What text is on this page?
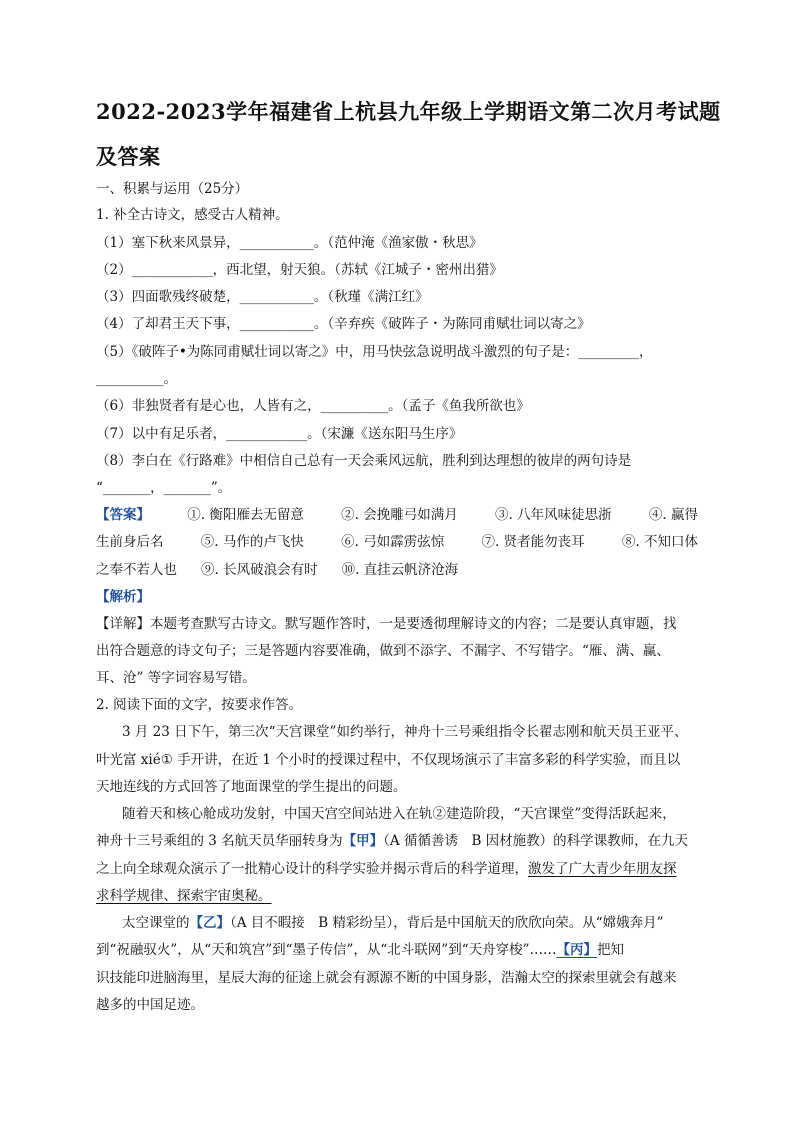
2022-2023学年福建省上杭县九年级上学期语文第二次月考试题
及答案
一、积累与运用（25分）
1. 补全古诗文，感受古人精神。
（1）塞下秋来风景异，___________。（范仲淹《渔家傲・秋思》
（2）____________，西北望，射天狼。（苏轼《江城子・密州出猎》
（3）四面歌残终破楚，___________。（秋瑾《满江红》
（4）了却君王天下事，___________。（辛弃疾《破阵子・为陈同甫赋壮词以寄之》
（5）《破阵子•为陈同甫赋壮词以寄之》中，用马快弦急说明战斗激烈的句子是：_________，
__________。
（6）非独贤者有是心也，人皆有之，__________。（孟子《鱼我所欲也》
（7）以中有足乐者，____________。（宋濂《送东阳马生序》
（8）李白在《行路难》中相信自己总有一天会乘风远航，胜利到达理想的彼岸的两句诗是
“_______，_______”。
【答案】	①. 衡阳雁去无留意	②. 会挽雕弓如满月	③. 八年风味徒思浙	④. 赢得
生前身后名	⑤. 马作的卢飞快	⑥. 弓如霹雳弦惊	⑦. 贤者能勿丧耳	⑧. 不知口体
之奉不若人也 ⑨. 长风破浪会有时 ⑩. 直挂云帆济沧海
【解析】
【详解】本题考查默写古诗文。默写题作答时，一是要透彻理解诗文的内容；二是要认真审题，找
出符合题意的诗文句子；三是答题内容要准确，做到不添字、不漏字、不写错字。“雁、满、赢、
耳、沧” 等字词容易写错。
2. 阅读下面的文字，按要求作答。
3 月 23 日下午，第三次“天宫课堂”如约举行，神舟十三号乘组指令长翟志刚和航天员王亚平、
叶光富 xié① 手开讲，在近 1 个小时的授课过程中，不仅现场演示了丰富多彩的科学实验，而且以
天地连线的方式回答了地面课堂的学生提出的问题。
随着天和核心舱成功发射，中国天宫空间站进入在轨②建造阶段，“天宫课堂”变得活跃起来，
神舟十三号乘组的 3 名航天员华丽转身为【甲】（A 循循善诱　B 因材施教）的科学课教师，在九天
之上向全球观众演示了一批精心设计的科学实验并揭示背后的科学道理，激发了广大青少年朋友探
求科学规律、探索宇宙奥秘。
太空课堂的【乙】（A 目不暇接　B 精彩纷呈），背后是中国航天的欣欣向荣。从“嫦娥奔月”
到“祝融驭火”，从“天和筑宫”到“墨子传信”，从“北斗联网”到“天舟穿梭”……【丙】把知
识技能印进脑海里，星辰大海的征途上就会有源源不断的中国身影，浩瀚太空的探索里就会有越来
越多的中国足迹。
